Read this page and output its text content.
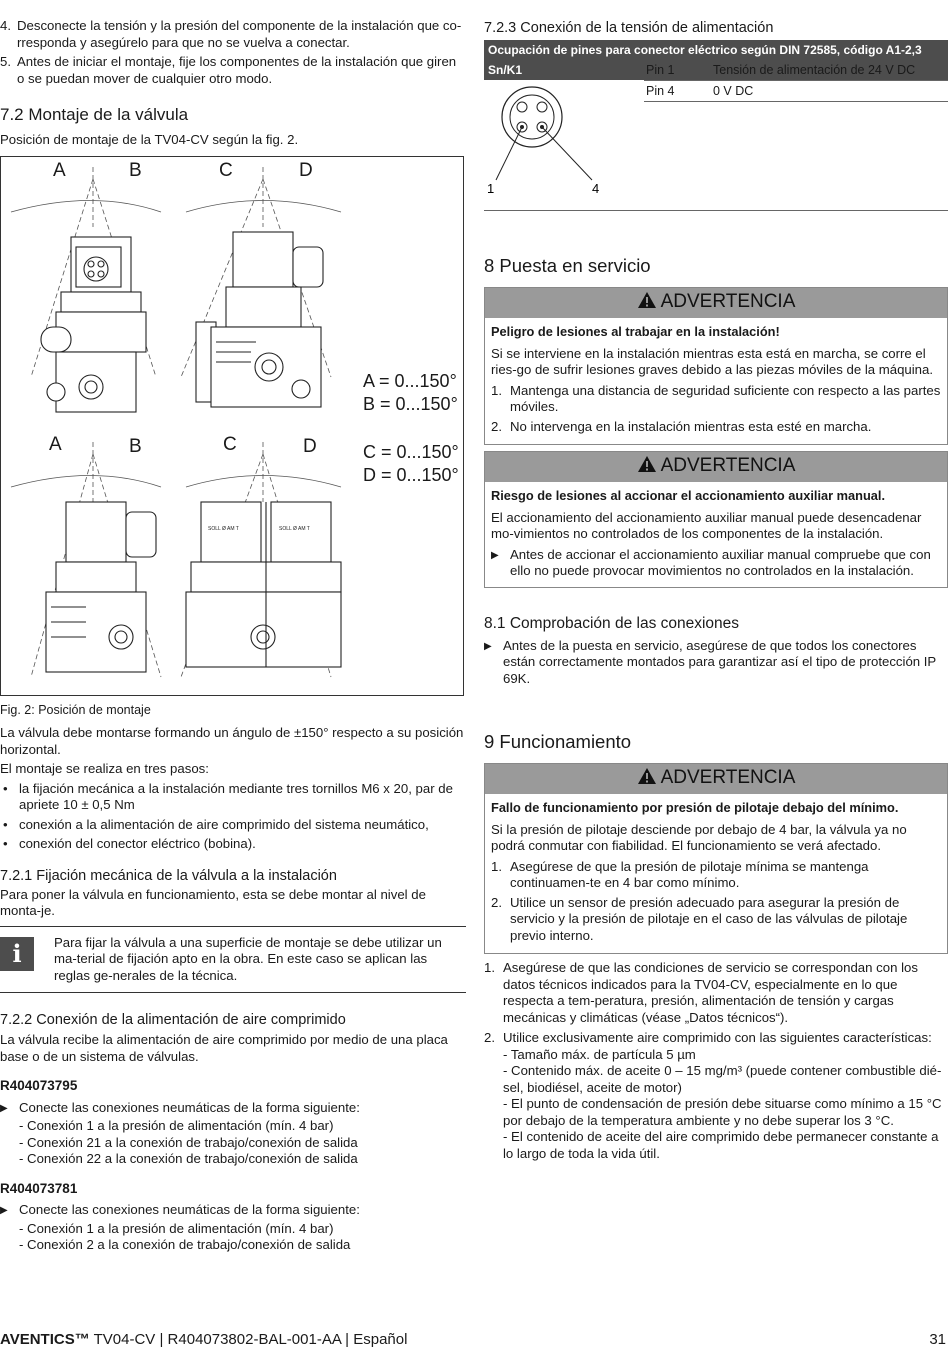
4. Desconecte la tensión y la presión del componente de la instalación que co-rresponda y asegúrelo para que no se vuelva a conectar.
5. Antes de iniciar el montaje, fije los componentes de la instalación que giren o se puedan mover de cualquier otro modo.
7.2 Montaje de la válvula

Posición de montaje de la TV04-CV según la fig. 2.

SOLL Ø AM T	SOLL Ø AM T
A	B	C	D
A	B	C	D
A = 0...150°
B = 0...150°
C = 0...150°
D = 0...150°

Fig. 2: Posición de montaje

La válvula debe montarse formando un ángulo de ±150° respecto a su posición horizontal.

El montaje se realiza en tres pasos:

• la fijación mecánica a la instalación mediante tres tornillos M6 x 20, par de apriete 10 ± 0,5 Nm
• conexión a la alimentación de aire comprimido del sistema neumático,
• conexión del conector eléctrico (bobina).
7.2.1 Fijación mecánica de la válvula a la instalación

Para poner la válvula en funcionamiento, esta se debe montar al nivel de monta-je.

i	Para fijar la válvula a una superficie de montaje se debe utilizar un ma-terial de fijación apto en la obra. En este caso se aplican las reglas ge-nerales de la técnica.

7.2.2 Conexión de la alimentación de aire comprimido

La válvula recibe la alimentación de aire comprimido por medio de una placa base o de un sistema de válvulas.

R404073795

▶ Conecte las conexiones neumáticas de la forma siguiente:
- Conexión 1 a la presión de alimentación (mín. 4 bar)
- Conexión 21 a la conexión de trabajo/conexión de salida
- Conexión 22 a la conexión de trabajo/conexión de salida

R404073781

▶ Conecte las conexiones neumáticas de la forma siguiente:
- Conexión 1 a la presión de alimentación (mín. 4 bar)
- Conexión 2 a la conexión de trabajo/conexión de salida
7.2.3 Conexión de la tensión de alimentación
Ocupación de pines para conector eléctrico según DIN 72585, código A1-2,3 Sn/K1	Pin 1	Tensión de alimentación de 24 V DC
Pin 4	0 V DC
1	4
8 Puesta en servicio
ADVERTENCIA

Peligro de lesiones al trabajar en la instalación!

Si se interviene en la instalación mientras esta está en marcha, se corre el ries-go de sufrir lesiones graves debido a las piezas móviles de la máquina.

1. Mantenga una distancia de seguridad suficiente con respecto a las partes móviles.
2. No intervenga en la instalación mientras esta esté en marcha.
ADVERTENCIA

Riesgo de lesiones al accionar el accionamiento auxiliar manual.

El accionamiento del accionamiento auxiliar manual puede desencadenar mo-vimientos no controlados de los componentes de la instalación.

▶ Antes de accionar el accionamiento auxiliar manual compruebe que con ello no puede provocar movimientos no controlados en la instalación.
8.1 Comprobación de las conexiones
▶ Antes de la puesta en servicio, asegúrese de que todos los conectores están correctamente montados para garantizar así el tipo de protección IP 69K.
9 Funcionamiento
ADVERTENCIA

Fallo de funcionamiento por presión de pilotaje debajo del mínimo.

Si la presión de pilotaje desciende por debajo de 4 bar, la válvula ya no podrá conmutar con fiabilidad. El funcionamiento se verá afectado.

1. Asegúrese de que la presión de pilotaje mínima se mantenga continuamen-te en 4 bar como mínimo.
2. Utilice un sensor de presión adecuado para asegurar la presión de servicio y la presión de pilotaje en el caso de las válvulas de pilotaje previo interno.
1. Asegúrese de que las condiciones de servicio se correspondan con los datos técnicos indicados para la TV04-CV, especialmente en lo que respecta a tem-peratura, presión, alimentación de tensión y cargas mecánicas y climáticas (véase „Datos técnicos“).
2. Utilice exclusivamente aire comprimido con las siguientes características:
- Tamaño máx. de partícula 5 µm
- Contenido máx. de aceite 0 – 15 mg/m³ (puede contener combustible dié-sel, biodiésel, aceite de motor)
- El punto de condensación de presión debe situarse como mínimo a 15 °C por debajo de la temperatura ambiente y no debe superar los 3 °C.
- El contenido de aceite del aire comprimido debe permanecer constante a lo largo de toda la vida útil.
AVENTICS™ TV04-CV | R404073802-BAL-001-AA | Español	31
